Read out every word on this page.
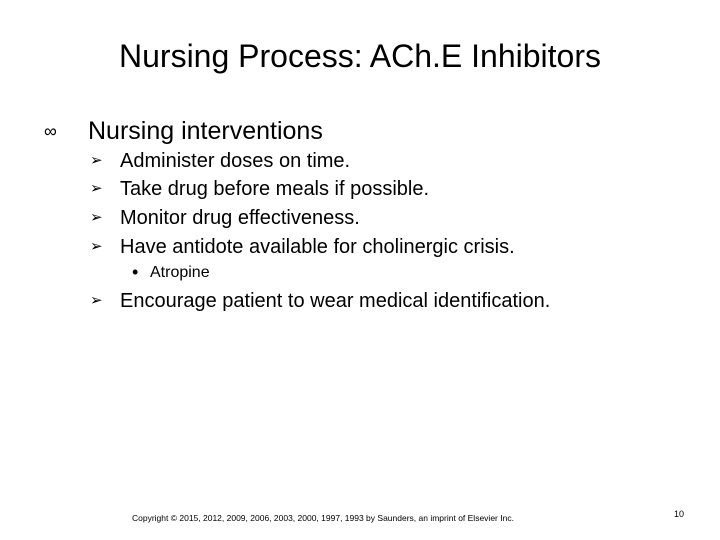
Nursing Process: ACh.E Inhibitors
∞	Nursing interventions
➢ Administer doses on time.
➢ Take drug before meals if possible.
➢ Monitor drug effectiveness.
➢ Have antidote available for cholinergic crisis.
• Atropine
➢ Encourage patient to wear medical identification.
Copyright © 2015, 2012, 2009, 2006, 2003, 2000, 1997, 1993 by Saunders, an imprint of Elsevier Inc.	10
